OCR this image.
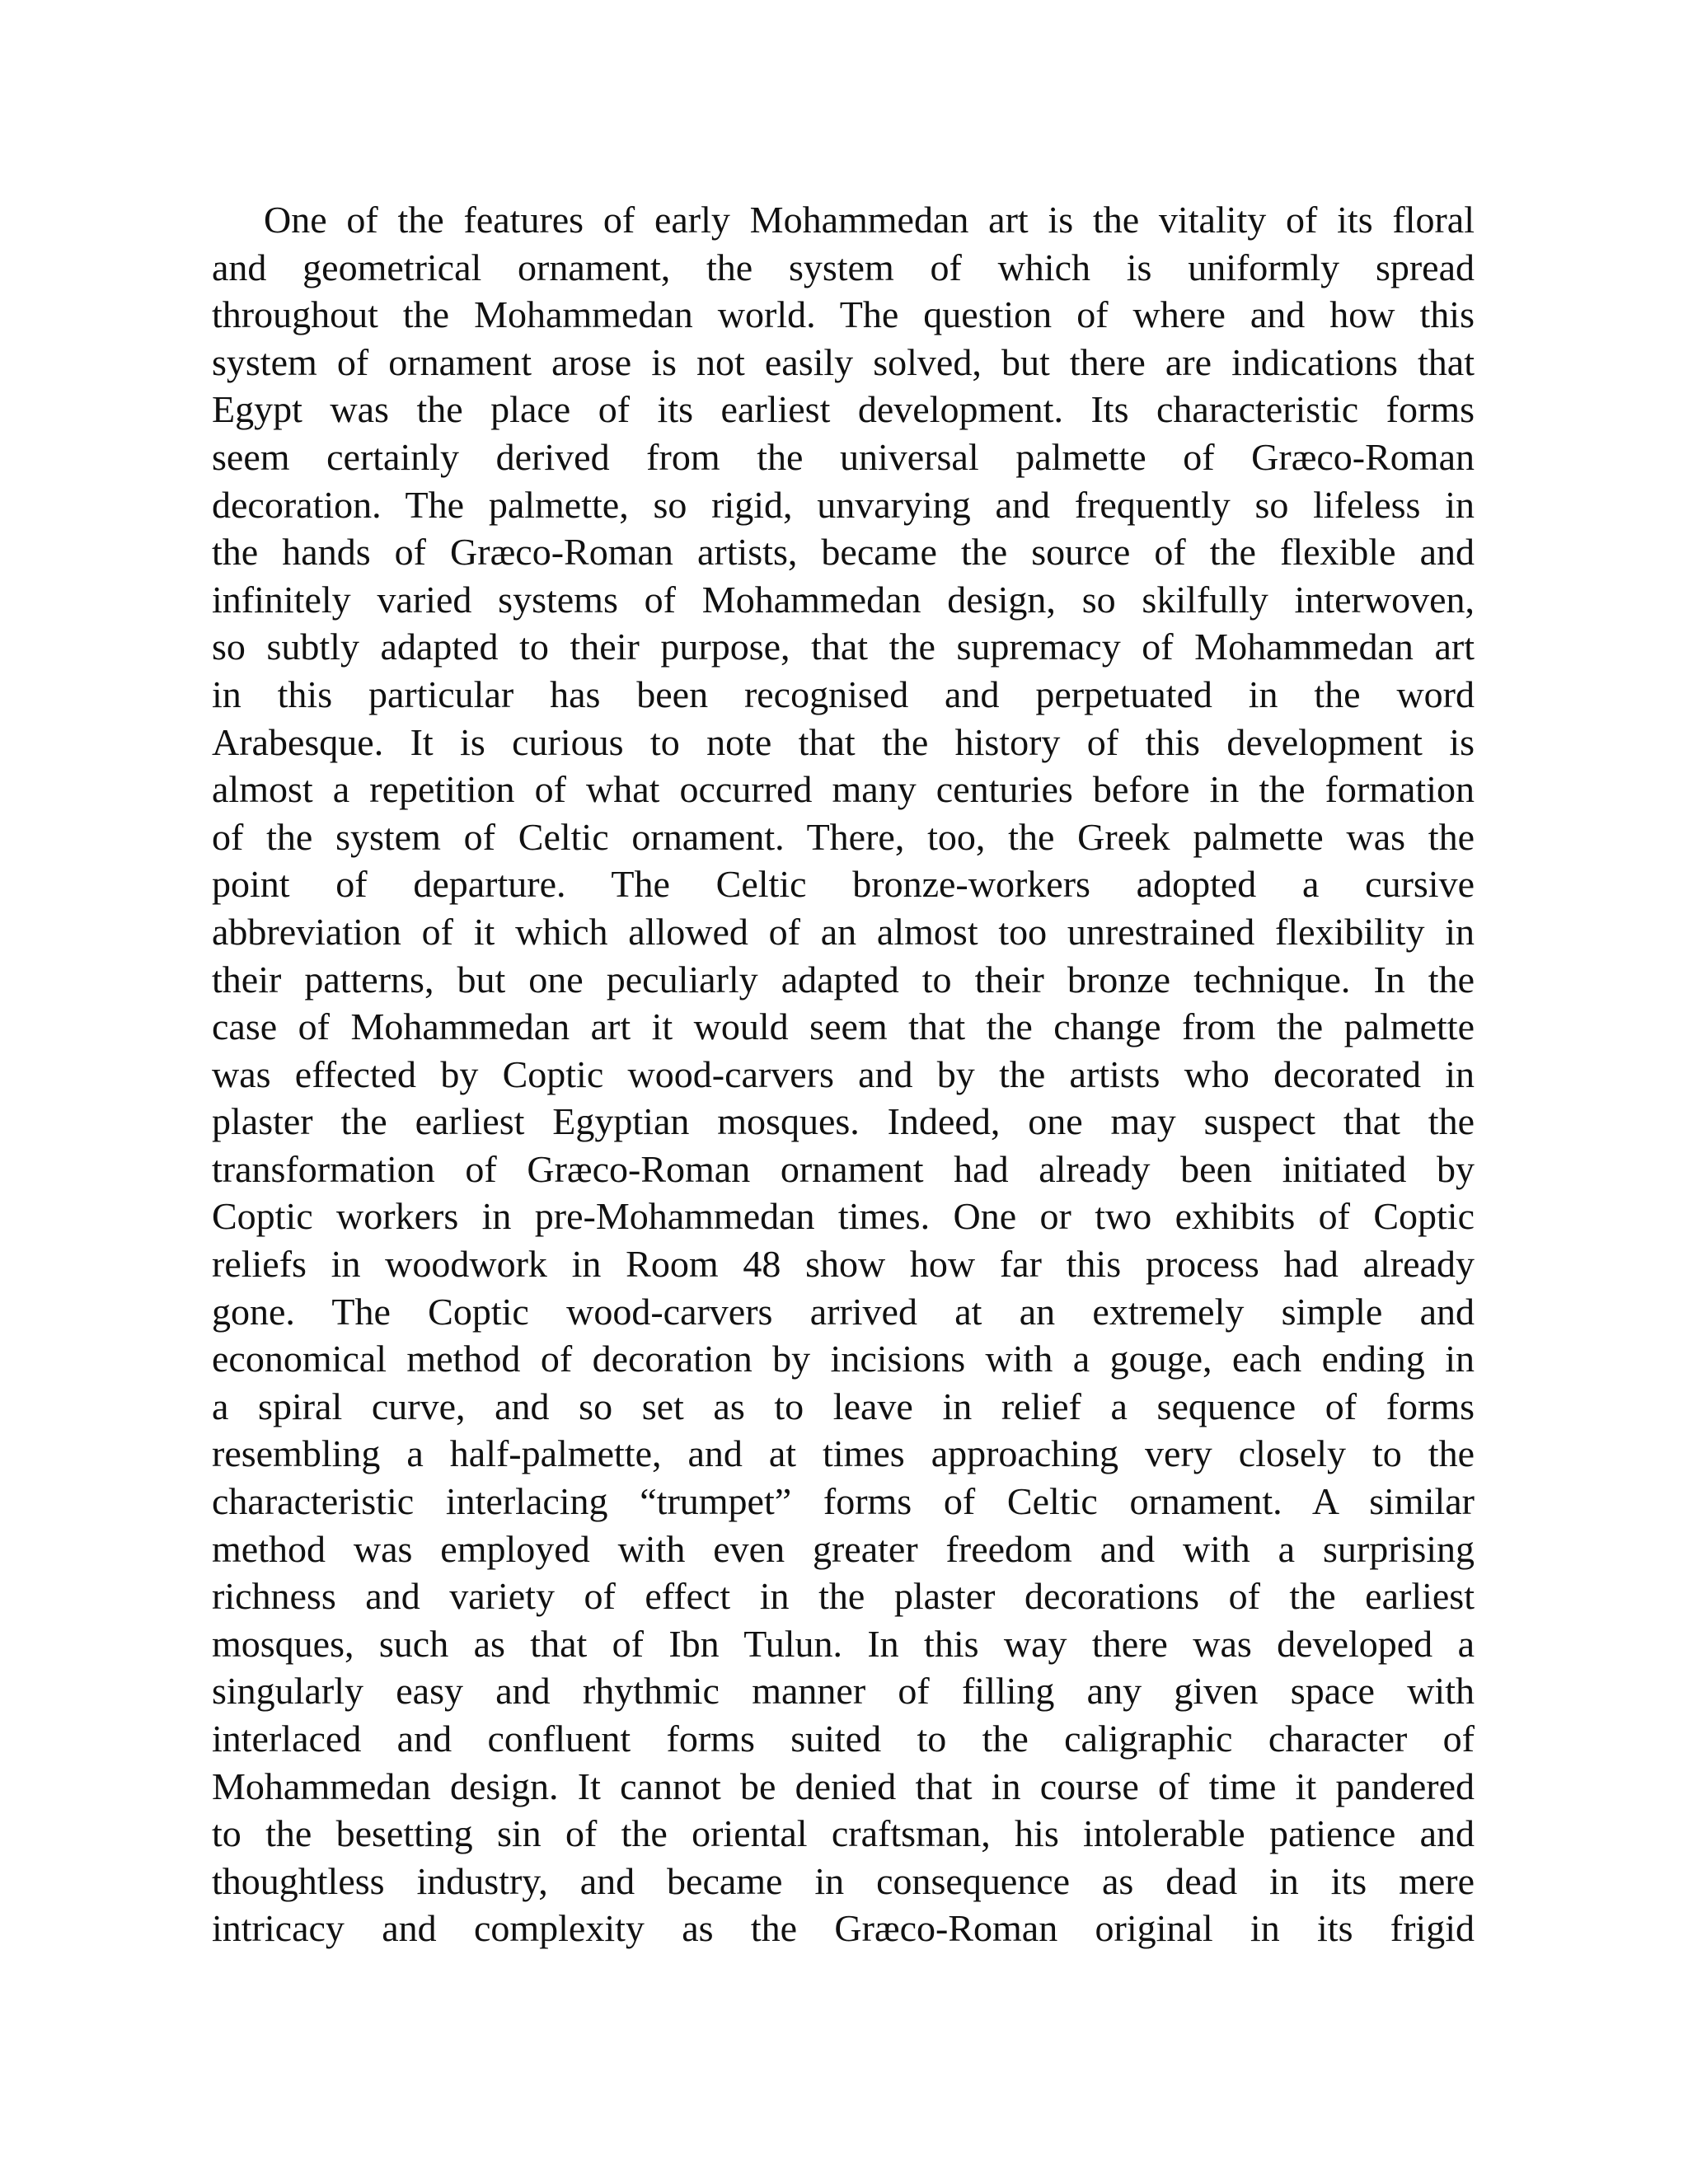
One of the features of early Mohammedan art is the vitality of its floral
and geometrical ornament, the system of which is uniformly spread
throughout the Mohammedan world. The question of where and how this
system of ornament arose is not easily solved, but there are indications that
Egypt was the place of its earliest development. Its characteristic forms
seem certainly derived from the universal palmette of Græco-Roman
decoration. The palmette, so rigid, unvarying and frequently so lifeless in
the hands of Græco-Roman artists, became the source of the flexible and
infinitely varied systems of Mohammedan design, so skilfully interwoven,
so subtly adapted to their purpose, that the supremacy of Mohammedan art
in this particular has been recognised and perpetuated in the word
Arabesque. It is curious to note that the history of this development is
almost a repetition of what occurred many centuries before in the formation
of the system of Celtic ornament. There, too, the Greek palmette was the
point of departure. The Celtic bronze-workers adopted a cursive
abbreviation of it which allowed of an almost too unrestrained flexibility in
their patterns, but one peculiarly adapted to their bronze technique. In the
case of Mohammedan art it would seem that the change from the palmette
was effected by Coptic wood-carvers and by the artists who decorated in
plaster the earliest Egyptian mosques. Indeed, one may suspect that the
transformation of Græco-Roman ornament had already been initiated by
Coptic workers in pre-Mohammedan times. One or two exhibits of Coptic
reliefs in woodwork in Room 48 show how far this process had already
gone. The Coptic wood-carvers arrived at an extremely simple and
economical method of decoration by incisions with a gouge, each ending in
a spiral curve, and so set as to leave in relief a sequence of forms
resembling a half-palmette, and at times approaching very closely to the
characteristic interlacing “trumpet” forms of Celtic ornament. A similar
method was employed with even greater freedom and with a surprising
richness and variety of effect in the plaster decorations of the earliest
mosques, such as that of Ibn Tulun. In this way there was developed a
singularly easy and rhythmic manner of filling any given space with
interlaced and confluent forms suited to the caligraphic character of
Mohammedan design. It cannot be denied that in course of time it pandered
to the besetting sin of the oriental craftsman, his intolerable patience and
thoughtless industry, and became in consequence as dead in its mere
intricacy and complexity as the Græco-Roman original in its frigid
